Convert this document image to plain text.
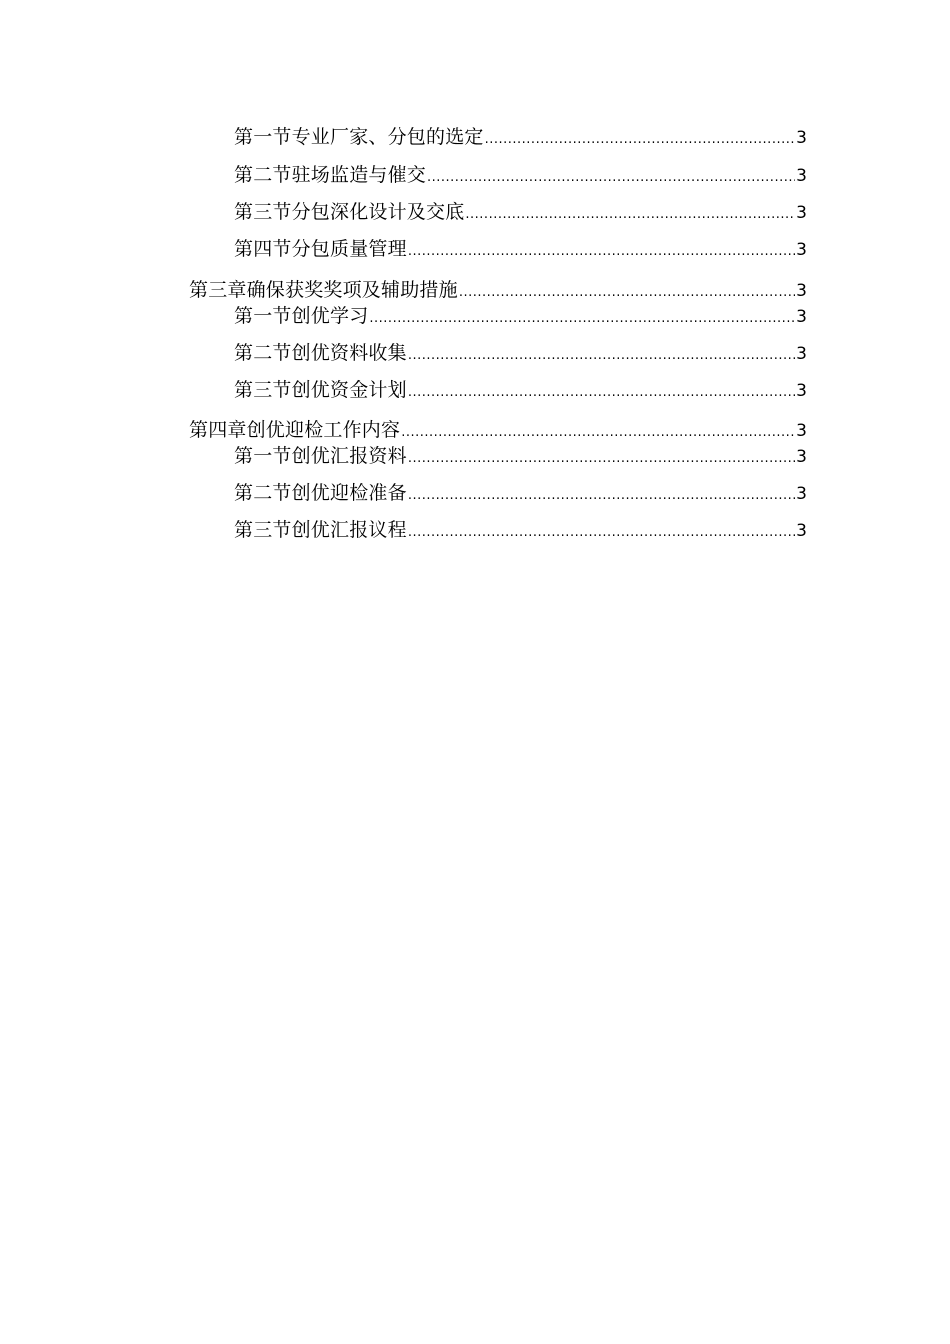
第一节专业厂家、分包的选定 .....	3
第二节驻场监造与催交 .....	3
第三节分包深化设计及交底 .....	3
第四节分包质量管理 .....	3
第三章确保获奖奖项及辅助措施 .....	3
第一节创优学习 .....	3
第二节创优资料收集 .....	3
第三节创优资金计划 .....	3
第四章创优迎检工作内容 .....	3
第一节创优汇报资料 .....	3
第二节创优迎检准备 .....	3
第三节创优汇报议程 .....	3
